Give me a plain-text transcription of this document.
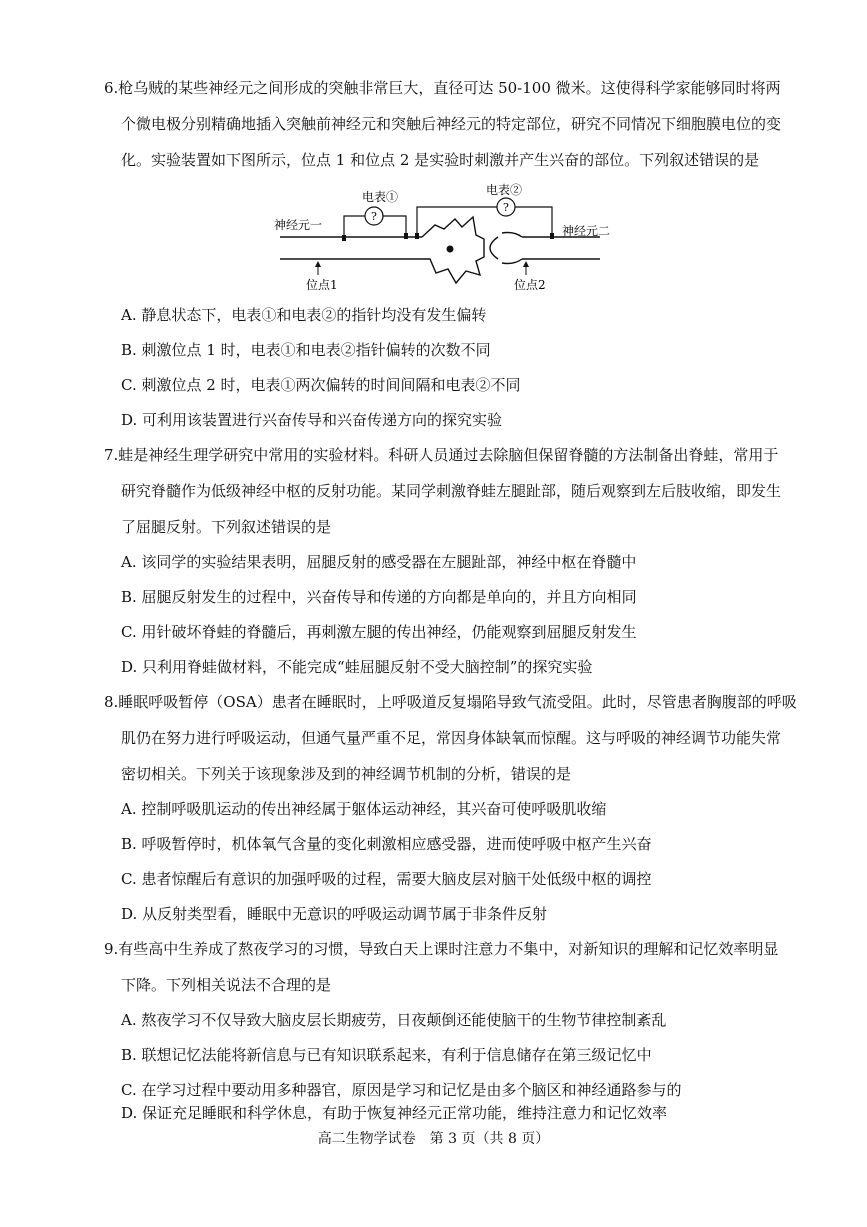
6.枪乌贼的某些神经元之间形成的突触非常巨大，直径可达 50-100 微米。这使得科学家能够同时将两
个微电极分别精确地插入突触前神经元和突触后神经元的特定部位，研究不同情况下细胞膜电位的变
化。实验装置如下图所示，位点 1 和位点 2 是实验时刺激并产生兴奋的部位。下列叙述错误的是
?
电表①
?
电表②
神经元一	神经元二
位点1	位点2
A. 静息状态下，电表①和电表②的指针均没有发生偏转
B. 刺激位点 1 时，电表①和电表②指针偏转的次数不同
C. 刺激位点 2 时，电表①两次偏转的时间间隔和电表②不同
D. 可利用该装置进行兴奋传导和兴奋传递方向的探究实验
7.蛙是神经生理学研究中常用的实验材料。科研人员通过去除脑但保留脊髓的方法制备出脊蛙，常用于
研究脊髓作为低级神经中枢的反射功能。某同学刺激脊蛙左腿趾部，随后观察到左后肢收缩，即发生
了屈腿反射。下列叙述错误的是
A. 该同学的实验结果表明，屈腿反射的感受器在左腿趾部，神经中枢在脊髓中
B. 屈腿反射发生的过程中，兴奋传导和传递的方向都是单向的，并且方向相同
C. 用针破坏脊蛙的脊髓后，再刺激左腿的传出神经，仍能观察到屈腿反射发生
D. 只利用脊蛙做材料，不能完成“蛙屈腿反射不受大脑控制”的探究实验
8.睡眠呼吸暂停（OSA）患者在睡眠时，上呼吸道反复塌陷导致气流受阻。此时，尽管患者胸腹部的呼吸
肌仍在努力进行呼吸运动，但通气量严重不足，常因身体缺氧而惊醒。这与呼吸的神经调节功能失常
密切相关。下列关于该现象涉及到的神经调节机制的分析，错误的是
A. 控制呼吸肌运动的传出神经属于躯体运动神经，其兴奋可使呼吸肌收缩
B. 呼吸暂停时，机体氧气含量的变化刺激相应感受器，进而使呼吸中枢产生兴奋
C. 患者惊醒后有意识的加强呼吸的过程，需要大脑皮层对脑干处低级中枢的调控
D. 从反射类型看，睡眠中无意识的呼吸运动调节属于非条件反射
9.有些高中生养成了熬夜学习的习惯，导致白天上课时注意力不集中，对新知识的理解和记忆效率明显
下降。下列相关说法不合理的是
A. 熬夜学习不仅导致大脑皮层长期疲劳，日夜颠倒还能使脑干的生物节律控制紊乱
B. 联想记忆法能将新信息与已有知识联系起来，有利于信息储存在第三级记忆中
C. 在学习过程中要动用多种器官，原因是学习和记忆是由多个脑区和神经通路参与的
D. 保证充足睡眠和科学休息，有助于恢复神经元正常功能，维持注意力和记忆效率
高二生物学试卷　第 3 页（共 8 页）
